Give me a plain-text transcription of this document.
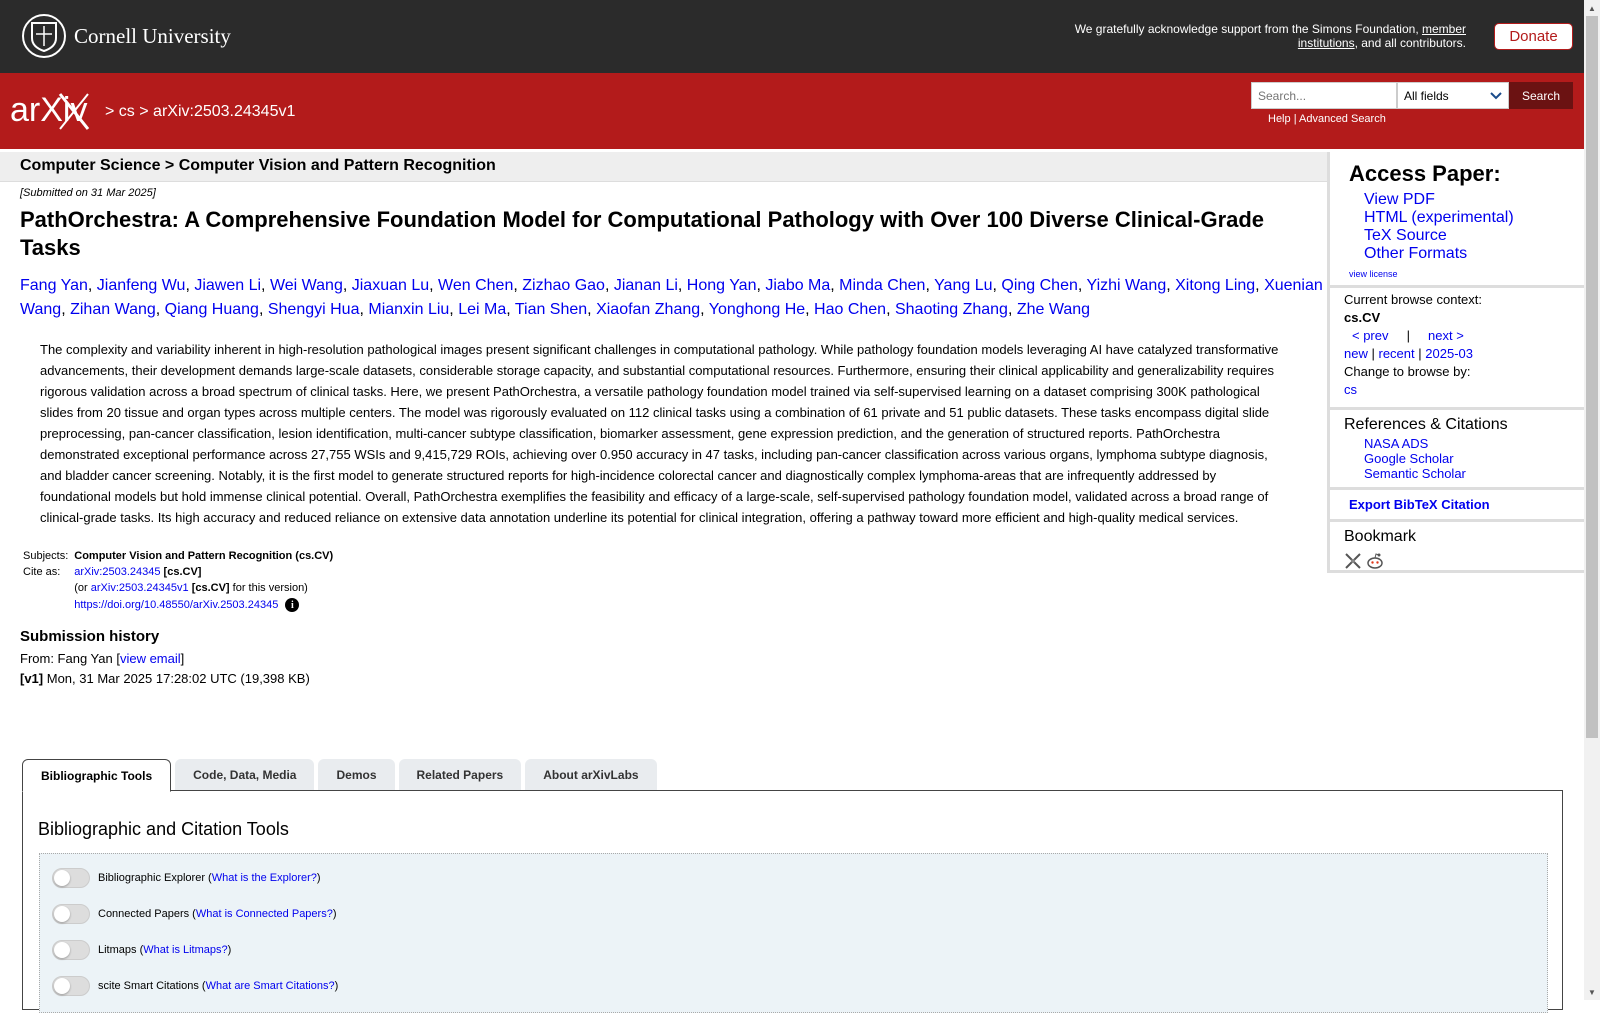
Cornell University	We gratefully acknowledge support from the Simons Foundation, member institutions, and all contributors.	Donate
arXiv > cs > arXiv:2503.24345v1
Search...
All fields	Search
Help | Advanced Search
Computer Science > Computer Vision and Pattern Recognition
[Submitted on 31 Mar 2025]
PathOrchestra: A Comprehensive Foundation Model for Computational Pathology with Over 100 Diverse Clinical-Grade Tasks
Fang Yan, Jianfeng Wu, Jiawen Li, Wei Wang, Jiaxuan Lu, Wen Chen, Zizhao Gao, Jianan Li, Hong Yan, Jiabo Ma, Minda Chen, Yang Lu, Qing Chen, Yizhi Wang, Xitong Ling, Xuenian Wang, Zihan Wang, Qiang Huang, Shengyi Hua, Mianxin Liu, Lei Ma, Tian Shen, Xiaofan Zhang, Yonghong He, Hao Chen, Shaoting Zhang, Zhe Wang
The complexity and variability inherent in high-resolution pathological images present significant challenges in computational pathology. While pathology foundation models leveraging AI have catalyzed transformative advancements, their development demands large-scale datasets, considerable storage capacity, and substantial computational resources. Furthermore, ensuring their clinical applicability and generalizability requires rigorous validation across a broad spectrum of clinical tasks. Here, we present PathOrchestra, a versatile pathology foundation model trained via self-supervised learning on a dataset comprising 300K pathological slides from 20 tissue and organ types across multiple centers. The model was rigorously evaluated on 112 clinical tasks using a combination of 61 private and 51 public datasets. These tasks encompass digital slide preprocessing, pan-cancer classification, lesion identification, multi-cancer subtype classification, biomarker assessment, gene expression prediction, and the generation of structured reports. PathOrchestra demonstrated exceptional performance across 27,755 WSIs and 9,415,729 ROIs, achieving over 0.950 accuracy in 47 tasks, including pan-cancer classification across various organs, lymphoma subtype diagnosis, and bladder cancer screening. Notably, it is the first model to generate structured reports for high-incidence colorectal cancer and diagnostically complex lymphoma-areas that are infrequently addressed by foundational models but hold immense clinical potential. Overall, PathOrchestra exemplifies the feasibility and efficacy of a large-scale, self-supervised pathology foundation model, validated across a broad range of clinical-grade tasks. Its high accuracy and reduced reliance on extensive data annotation underline its potential for clinical integration, offering a pathway toward more efficient and high-quality medical services.
Subjects:	Computer Vision and Pattern Recognition (cs.CV)
Cite as:	arXiv:2503.24345 [cs.CV]
	(or arXiv:2503.24345v1 [cs.CV] for this version)
	https://doi.org/10.48550/arXiv.2503.24345 i
Submission history
From: Fang Yan [view email]
[v1] Mon, 31 Mar 2025 17:28:02 UTC (19,398 KB)
Bibliographic Tools	Code, Data, Media	Demos	Related Papers	About arXivLabs
Bibliographic and Citation Tools
Bibliographic Explorer ( What is the Explorer? )
Connected Papers ( What is Connected Papers? )
Litmaps ( What is Litmaps? )
scite Smart Citations ( What are Smart Citations? )
Access Paper:
View PDF
HTML (experimental)
TeX Source
Other Formats
view license
Current browse context:
cs.CV
< prev | next >
new | recent | 2025-03
Change to browse by:
cs
References & Citations
NASA ADS
Google Scholar
Semantic Scholar
Export BibTeX Citation
Bookmark
▲
▼
